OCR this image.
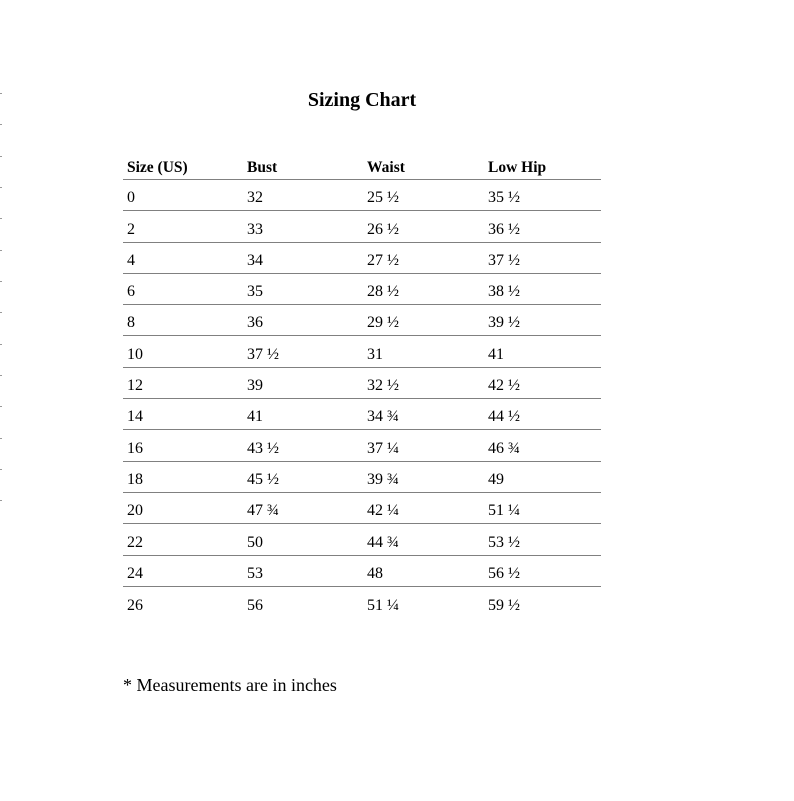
Sizing Chart
Size (US)	Bust	Waist	Low Hip
0	32	25 ½	35 ½
2	33	26 ½	36 ½
4	34	27 ½	37 ½
6	35	28 ½	38 ½
8	36	29 ½	39 ½
10	37 ½	31	41
12	39	32 ½	42 ½
14	41	34 ¾	44 ½
16	43 ½	37 ¼	46 ¾
18	45 ½	39 ¾	49
20	47 ¾	42 ¼	51 ¼
22	50	44 ¾	53 ½
24	53	48	56 ½
26	56	51 ¼	59 ½
* Measurements are in inches
